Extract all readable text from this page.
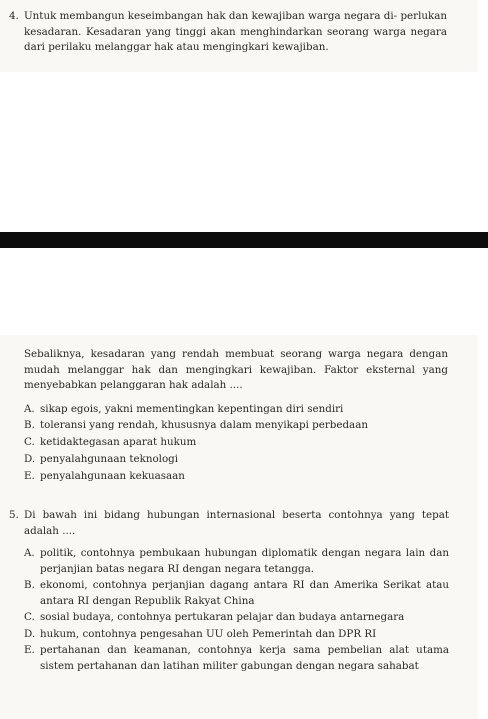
4. Untuk membangun keseimbangan hak dan kewajiban warga negara di- perlukan kesadaran. Kesadaran yang tinggi akan menghindarkan seorang warga negara dari perilaku melanggar hak atau mengingkari kewajiban.

Sebaliknya, kesadaran yang rendah membuat seorang warga negara dengan mudah melanggar hak dan mengingkari kewajiban. Faktor eksternal yang menyebabkan pelanggaran hak adalah ....

A. sikap egois, yakni mementingkan kepentingan diri sendiri
B. toleransi yang rendah, khususnya dalam menyikapi perbedaan
C. ketidaktegasan aparat hukum
D. penyalahgunaan teknologi
E. penyalahgunaan kekuasaan
5. Di bawah ini bidang hubungan internasional beserta contohnya yang tepat adalah ....

A. politik, contohnya pembukaan hubungan diplomatik dengan negara lain dan perjanjian batas negara RI dengan negara tetangga.
B. ekonomi, contohnya perjanjian dagang antara RI dan Amerika Serikat atau antara RI dengan Republik Rakyat China
C. sosial budaya, contohnya pertukaran pelajar dan budaya antarnegara
D. hukum, contohnya pengesahan UU oleh Pemerintah dan DPR RI
E. pertahanan dan keamanan, contohnya kerja sama pembelian alat utama sistem pertahanan dan latihan militer gabungan dengan negara sahabat
